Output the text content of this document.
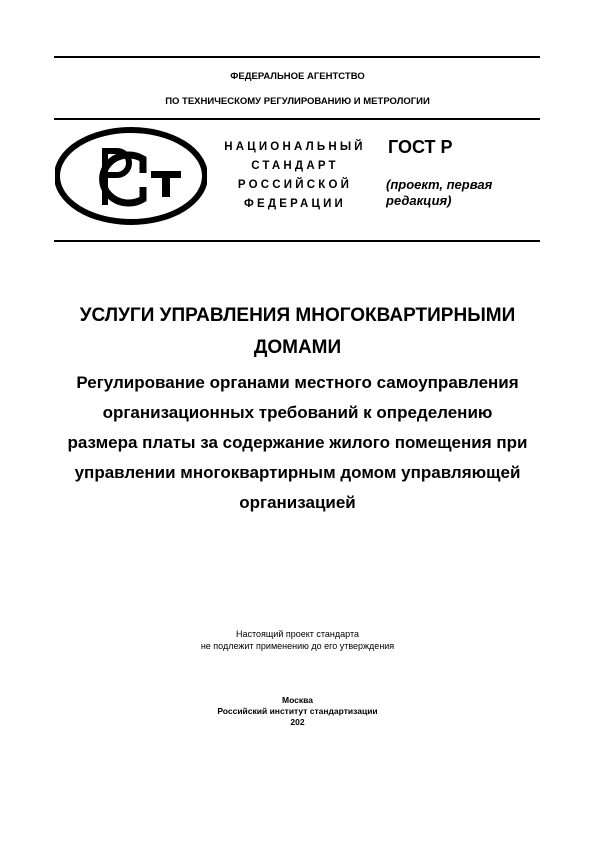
ФЕДЕРАЛЬНОЕ АГЕНТСТВО
ПО ТЕХНИЧЕСКОМУ РЕГУЛИРОВАНИЮ И МЕТРОЛОГИИ
НАЦИОНАЛЬНЫЙ
СТАНДАРТ
РОССИЙСКОЙ
ФЕДЕРАЦИИ
ГОСТ Р
(проект, первая
редакция)
УСЛУГИ УПРАВЛЕНИЯ МНОГОКВАРТИРНЫМИ
ДОМАМИ
Регулирование органами местного самоуправления
организационных требований к определению
размера платы за содержание жилого помещения при
управлении многоквартирным домом управляющей
организацией
Настоящий проект стандарта
не подлежит применению до его утверждения
Москва
Российский институт стандартизации
202
